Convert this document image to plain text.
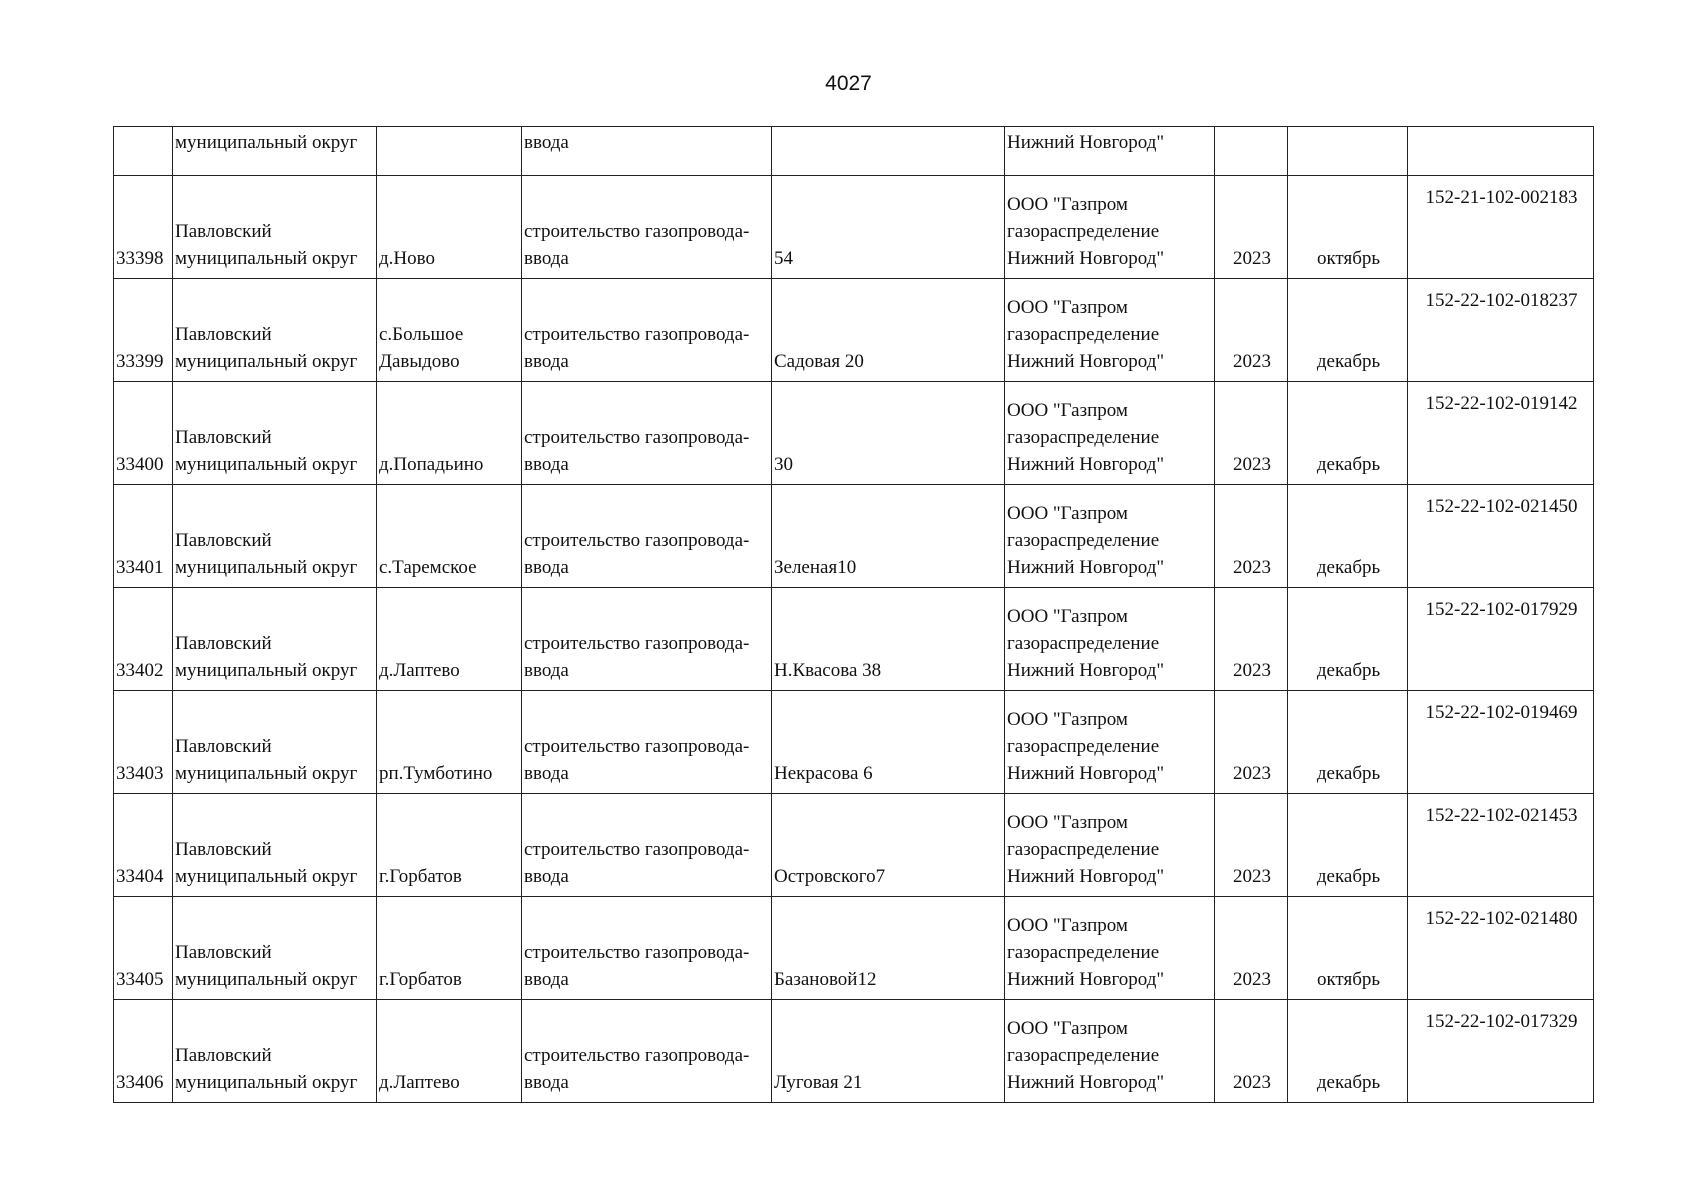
4027

	муниципальный округ		ввода		Нижний Новгород"			

33398	Павловский
муниципальный округ	д.Ново	строительство газопровода-
ввода	54	ООО "Газпром
газораспределение
Нижний Новгород"	2023	октябрь	152-21-102-002183

33399	Павловский
муниципальный округ	с.Большое
Давыдово	строительство газопровода-
ввода	Садовая 20	ООО "Газпром
газораспределение
Нижний Новгород"	2023	декабрь	152-22-102-018237

33400	Павловский
муниципальный округ	д.Попадьино	строительство газопровода-
ввода	30	ООО "Газпром
газораспределение
Нижний Новгород"	2023	декабрь	152-22-102-019142

33401	Павловский
муниципальный округ	с.Таремское	строительство газопровода-
ввода	Зеленая10	ООО "Газпром
газораспределение
Нижний Новгород"	2023	декабрь	152-22-102-021450

33402	Павловский
муниципальный округ	д.Лаптево	строительство газопровода-
ввода	Н.Квасова 38	ООО "Газпром
газораспределение
Нижний Новгород"	2023	декабрь	152-22-102-017929

33403	Павловский
муниципальный округ	рп.Тумботино	строительство газопровода-
ввода	Некрасова 6	ООО "Газпром
газораспределение
Нижний Новгород"	2023	декабрь	152-22-102-019469

33404	Павловский
муниципальный округ	г.Горбатов	строительство газопровода-
ввода	Островского7	ООО "Газпром
газораспределение
Нижний Новгород"	2023	декабрь	152-22-102-021453

33405	Павловский
муниципальный округ	г.Горбатов	строительство газопровода-
ввода	Базановой12	ООО "Газпром
газораспределение
Нижний Новгород"	2023	октябрь	152-22-102-021480

33406	Павловский
муниципальный округ	д.Лаптево	строительство газопровода-
ввода	Луговая 21	ООО "Газпром
газораспределение
Нижний Новгород"	2023	декабрь	152-22-102-017329
